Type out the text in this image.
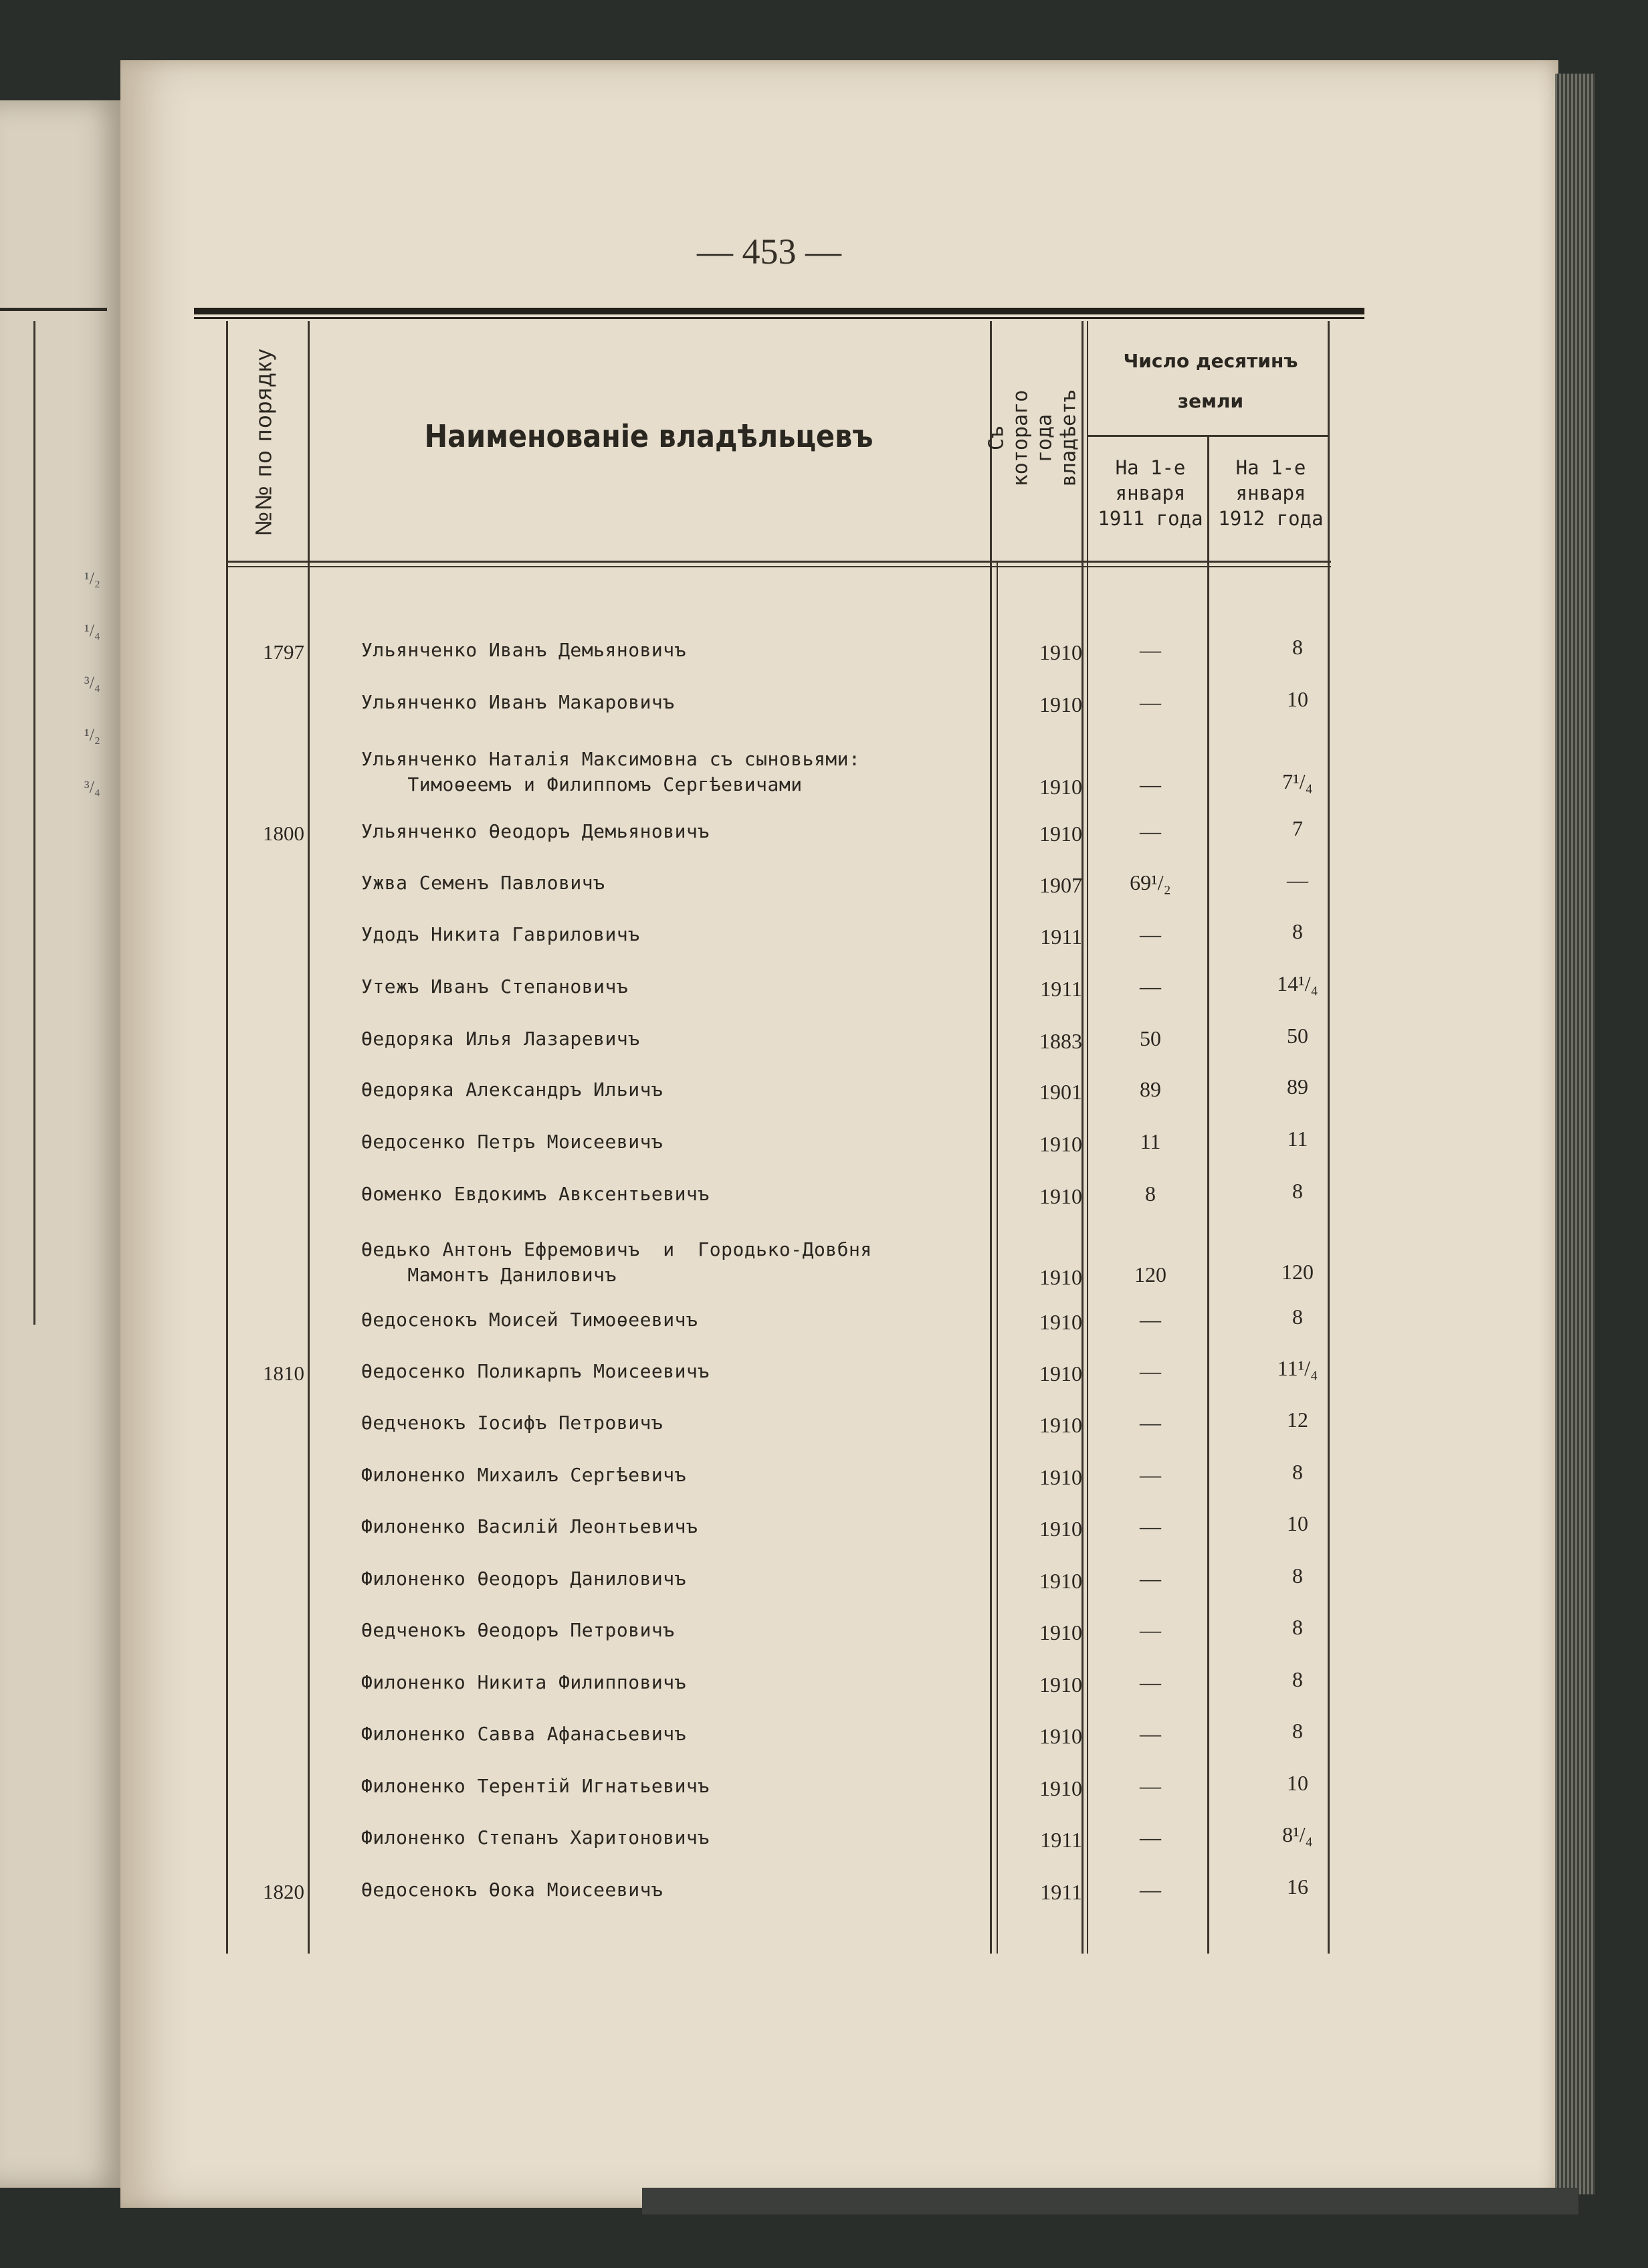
¹/₂
¹/₄
³/₄
¹/₂
³/₄
— 453 —
№№ по порядку	Наименованіе владѣльцевъ	Съ котораго года владѣетъ
Число десятинъ земли
На 1-е января 1911 года
На 1-е января 1912 года
1797	Ульянченко Иванъ Демьяновичъ	1910	—	8
Ульянченко Иванъ Макаровичъ	1910	—	10
Ульянченко Наталія Максимовна съ сыновьями:
Тимоѳеемъ и Филиппомъ Сергѣевичами	1910	—	7¹/₄
1800	Ульянченко Ѳеодоръ Демьяновичъ	1910	—	7
Ужва Семенъ Павловичъ	1907	69¹/₂	—
Удодъ Никита Гавриловичъ	1911	—	8
Утежъ Иванъ Степановичъ	1911	—	14¹/₄
Ѳедоряка Илья Лазаревичъ	1883	50	50
Ѳедоряка Александръ Ильичъ	1901	89	89
Ѳедосенко Петръ Моисеевичъ	1910	11	11
Ѳоменко Евдокимъ Авксентьевичъ	1910	8	8
Ѳедько Антонъ Ефремовичъ  и  Городько-Довбня
Мамонтъ Даниловичъ	1910	120	120
Ѳедосенокъ Моисей Тимоѳеевичъ	1910	—	8
1810	Ѳедосенко Поликарпъ Моисеевичъ	1910	—	11¹/₄
Ѳедченокъ Іосифъ Петровичъ	1910	—	12
Филоненко Михаилъ Сергѣевичъ	1910	—	8
Филоненко Василій Леонтьевичъ	1910	—	10
Филоненко Ѳеодоръ Даниловичъ	1910	—	8
Ѳедченокъ Ѳеодоръ Петровичъ	1910	—	8
Филоненко Никита Филипповичъ	1910	—	8
Филоненко Савва Афанасьевичъ	1910	—	8
Филоненко Терентій Игнатьевичъ	1910	—	10
Филоненко Степанъ Харитоновичъ	1911	—	8¹/₄
1820	Ѳедосенокъ Ѳока Моисеевичъ	1911	—	16
